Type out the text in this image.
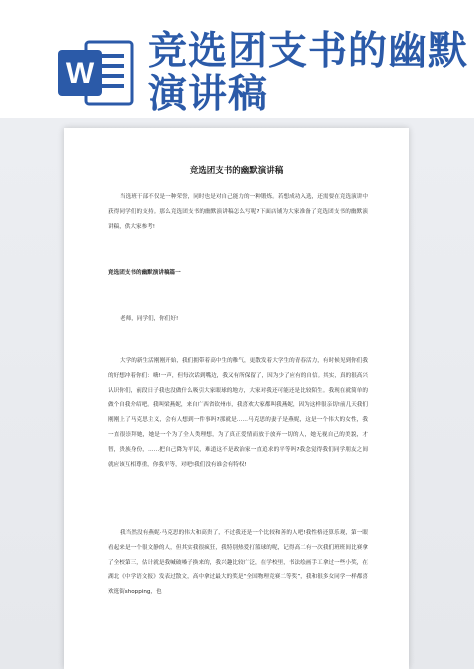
W 竞选团支书的幽默
演讲稿
竞选团支书的幽默演讲稿
当选班干部不仅是一种荣誉，同时也是对自己能力的一种锻炼。若想成功入选，还需要在竞选演讲中获得同学们的支持。那么竞选团支书的幽默演讲稿怎么写呢?下面店铺为大家准备了竞选团支书的幽默演讲稿，供大家参考!
竞选团支书的幽默演讲稿篇一
老师，同学们，你们好!
大学的新生活刚刚开始，我们拥带着高中生的稚气，更散发着大学生的青春活力，有时候见到你们我的好想冲着你们：嗨!一声，但每次话到嘴边，我又有所保留了，因为少了应有的自信。其实，真的很高兴认识你们，前段日子我也没做什么吸引大家眼球的地方，大家对我还可能还是比较陌生。我现在就简单的做个自我介绍吧。我叫梁燕妮，来自广西省钦州市，我喜欢大家都叫我燕妮，因为这样很亲切!前几天我们刚刚上了马克思主义，会有人想到一件事吗?那就是……马克思的妻子是燕妮，这是一个伟大的女性，我一直很崇拜她，她是一个为了全人类理想，为了真正爱情而放于放弃一切的人，她无视自己的美貌，才智，贵族身份，……把自己降为平民，难道这不是政治家一直追求的平等吗?我念觉得我们同学朋友之间就应该互相尊重，你我平等，对吧!我们没有谁会有特权!
我当然没有燕妮·马克思的伟大和高贵了，不过我还是一个比较和善的人吧!我性格还算乐观，第一眼看起来是一个很文静的人，但其实我很疯狂，我特别热爱打篮球的呢，记得高二有一次我们班班间比赛拿了全校第三，估计就是我喊破嗓子换来的，我兴趣比较广泛，在学校里，书法绘画手工拿过一些小奖，在湖北《中学语文报》发表过散文，高中拿过最大的奖是“全国物理竞赛二等奖”，我和很多女同学一样都喜欢逛街shopping，也
